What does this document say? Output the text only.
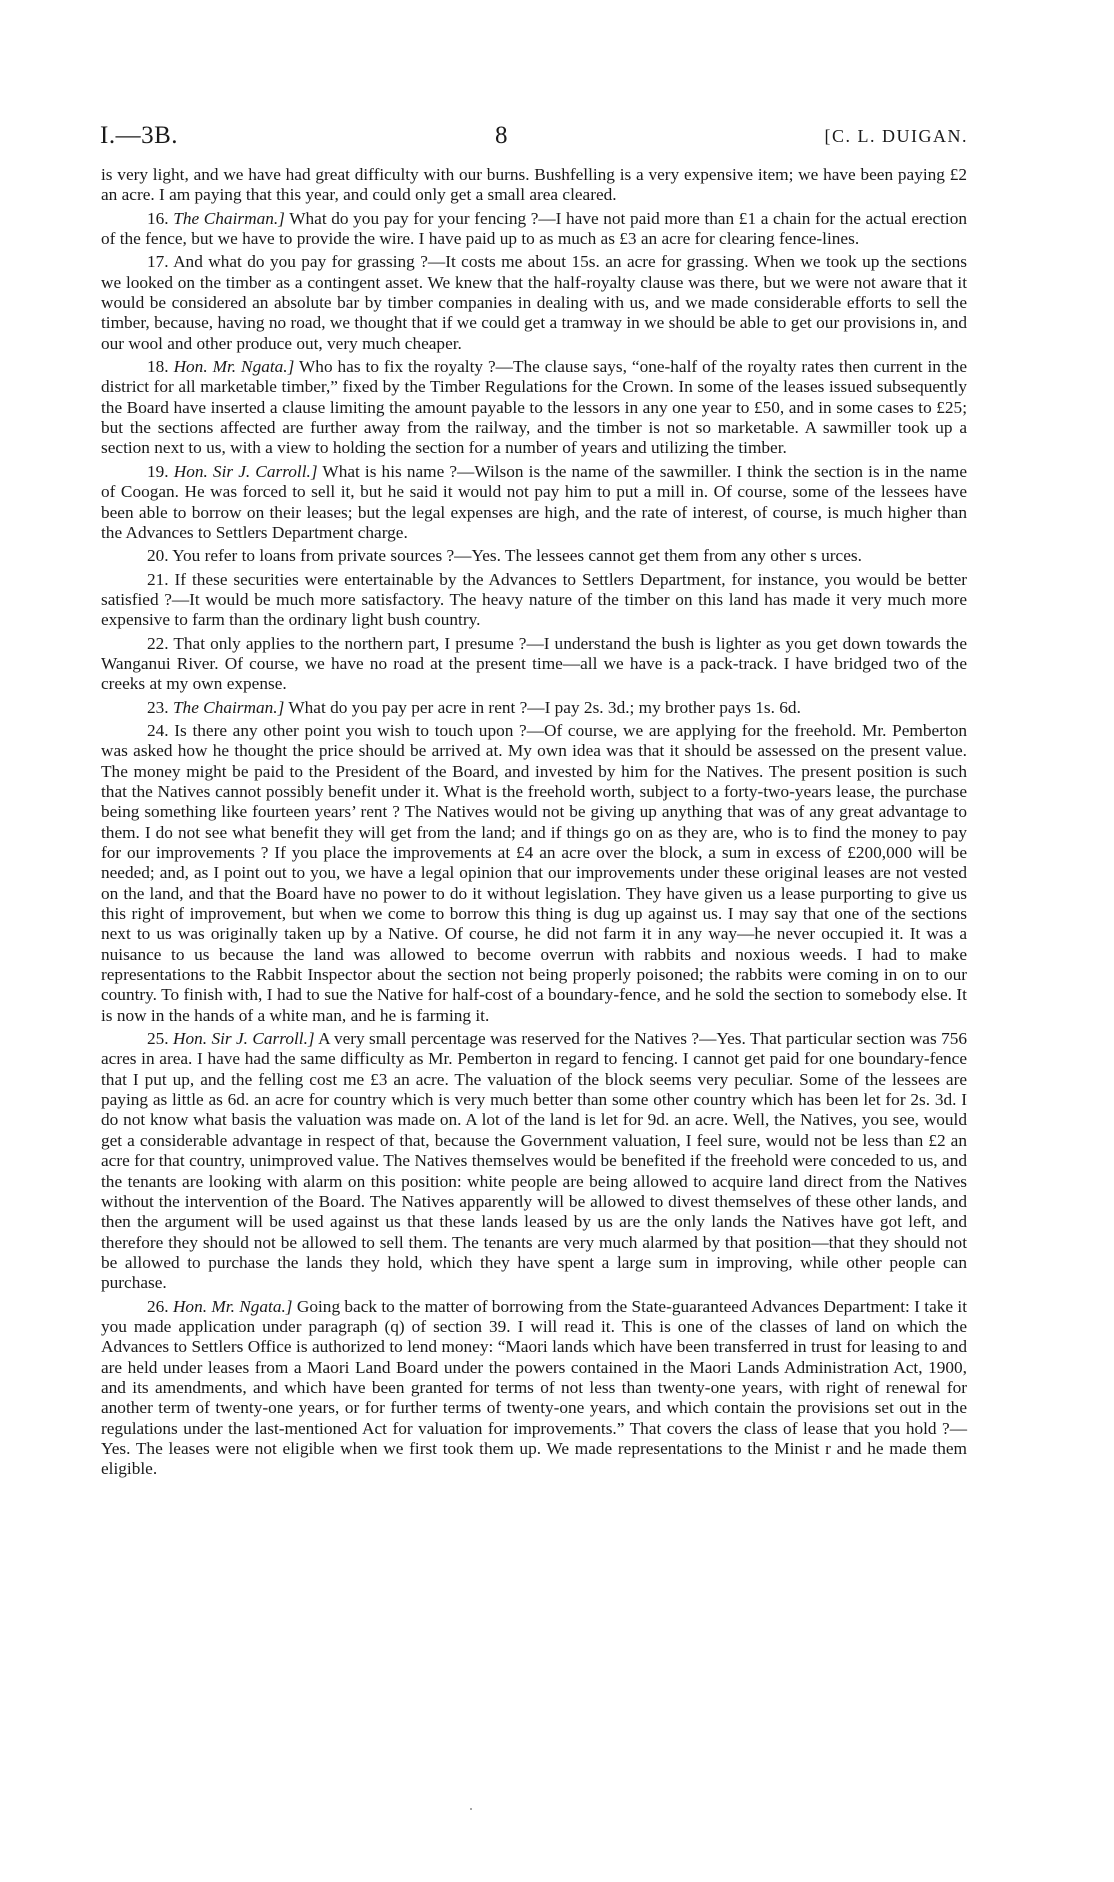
I.—3B.	8	[C. L. DUIGAN.

is very light, and we have had great difficulty with our burns. Bushfelling is a very expensive item; we have been paying £2 an acre. I am paying that this year, and could only get a small area cleared.

16. The Chairman.] What do you pay for your fencing ?—I have not paid more than £1 a chain for the actual erection of the fence, but we have to provide the wire. I have paid up to as much as £3 an acre for clearing fence-lines.

17. And what do you pay for grassing ?—It costs me about 15s. an acre for grassing. When we took up the sections we looked on the timber as a contingent asset. We knew that the half-royalty clause was there, but we were not aware that it would be considered an absolute bar by timber companies in dealing with us, and we made considerable efforts to sell the timber, because, having no road, we thought that if we could get a tramway in we should be able to get our provisions in, and our wool and other produce out, very much cheaper.

18. Hon. Mr. Ngata.] Who has to fix the royalty ?—The clause says, “one-half of the royalty rates then current in the district for all marketable timber,” fixed by the Timber Regulations for the Crown. In some of the leases issued subsequently the Board have inserted a clause limiting the amount payable to the lessors in any one year to £50, and in some cases to £25; but the sections affected are further away from the railway, and the timber is not so marketable. A sawmiller took up a section next to us, with a view to holding the section for a number of years and utilizing the timber.

19. Hon. Sir J. Carroll.] What is his name ?—Wilson is the name of the sawmiller. I think the section is in the name of Coogan. He was forced to sell it, but he said it would not pay him to put a mill in. Of course, some of the lessees have been able to borrow on their leases; but the legal expenses are high, and the rate of interest, of course, is much higher than the Advances to Settlers Department charge.

20. You refer to loans from private sources ?—Yes. The lessees cannot get them from any other s urces.

21. If these securities were entertainable by the Advances to Settlers Department, for instance, you would be better satisfied ?—It would be much more satisfactory. The heavy nature of the timber on this land has made it very much more expensive to farm than the ordinary light bush country.

22. That only applies to the northern part, I presume ?—I understand the bush is lighter as you get down towards the Wanganui River. Of course, we have no road at the present time—all we have is a pack-track. I have bridged two of the creeks at my own expense.

23. The Chairman.] What do you pay per acre in rent ?—I pay 2s. 3d.; my brother pays 1s. 6d.

24. Is there any other point you wish to touch upon ?—Of course, we are applying for the freehold. Mr. Pemberton was asked how he thought the price should be arrived at. My own idea was that it should be assessed on the present value. The money might be paid to the President of the Board, and invested by him for the Natives. The present position is such that the Natives cannot possibly benefit under it. What is the freehold worth, subject to a forty-two-years lease, the purchase being something like fourteen years’ rent ? The Natives would not be giving up anything that was of any great advantage to them. I do not see what benefit they will get from the land; and if things go on as they are, who is to find the money to pay for our improvements ? If you place the improvements at £4 an acre over the block, a sum in excess of £200,000 will be needed; and, as I point out to you, we have a legal opinion that our improvements under these original leases are not vested on the land, and that the Board have no power to do it without legislation. They have given us a lease purporting to give us this right of improvement, but when we come to borrow this thing is dug up against us. I may say that one of the sections next to us was originally taken up by a Native. Of course, he did not farm it in any way—he never occupied it. It was a nuisance to us because the land was allowed to become overrun with rabbits and noxious weeds. I had to make representations to the Rabbit Inspector about the section not being properly poisoned; the rabbits were coming in on to our country. To finish with, I had to sue the Native for half-cost of a boundary-fence, and he sold the section to somebody else. It is now in the hands of a white man, and he is farming it.

25. Hon. Sir J. Carroll.] A very small percentage was reserved for the Natives ?—Yes. That particular section was 756 acres in area. I have had the same difficulty as Mr. Pemberton in regard to fencing. I cannot get paid for one boundary-fence that I put up, and the felling cost me £3 an acre. The valuation of the block seems very peculiar. Some of the lessees are paying as little as 6d. an acre for country which is very much better than some other country which has been let for 2s. 3d. I do not know what basis the valuation was made on. A lot of the land is let for 9d. an acre. Well, the Natives, you see, would get a considerable advantage in respect of that, because the Government valuation, I feel sure, would not be less than £2 an acre for that country, unimproved value. The Natives themselves would be benefited if the freehold were conceded to us, and the tenants are looking with alarm on this position: white people are being allowed to acquire land direct from the Natives without the intervention of the Board. The Natives apparently will be allowed to divest themselves of these other lands, and then the argument will be used against us that these lands leased by us are the only lands the Natives have got left, and therefore they should not be allowed to sell them. The tenants are very much alarmed by that position—that they should not be allowed to purchase the lands they hold, which they have spent a large sum in improving, while other people can purchase.

26. Hon. Mr. Ngata.] Going back to the matter of borrowing from the State-guaranteed Advances Department: I take it you made application under paragraph (q) of section 39. I will read it. This is one of the classes of land on which the Advances to Settlers Office is authorized to lend money: “Maori lands which have been transferred in trust for leasing to and are held under leases from a Maori Land Board under the powers contained in the Maori Lands Administration Act, 1900, and its amendments, and which have been granted for terms of not less than twenty-one years, with right of renewal for another term of twenty-one years, or for further terms of twenty-one years, and which contain the provisions set out in the regulations under the last-mentioned Act for valuation for improvements.” That covers the class of lease that you hold ?—Yes. The leases were not eligible when we first took them up. We made representations to the Minist r and he made them eligible.
